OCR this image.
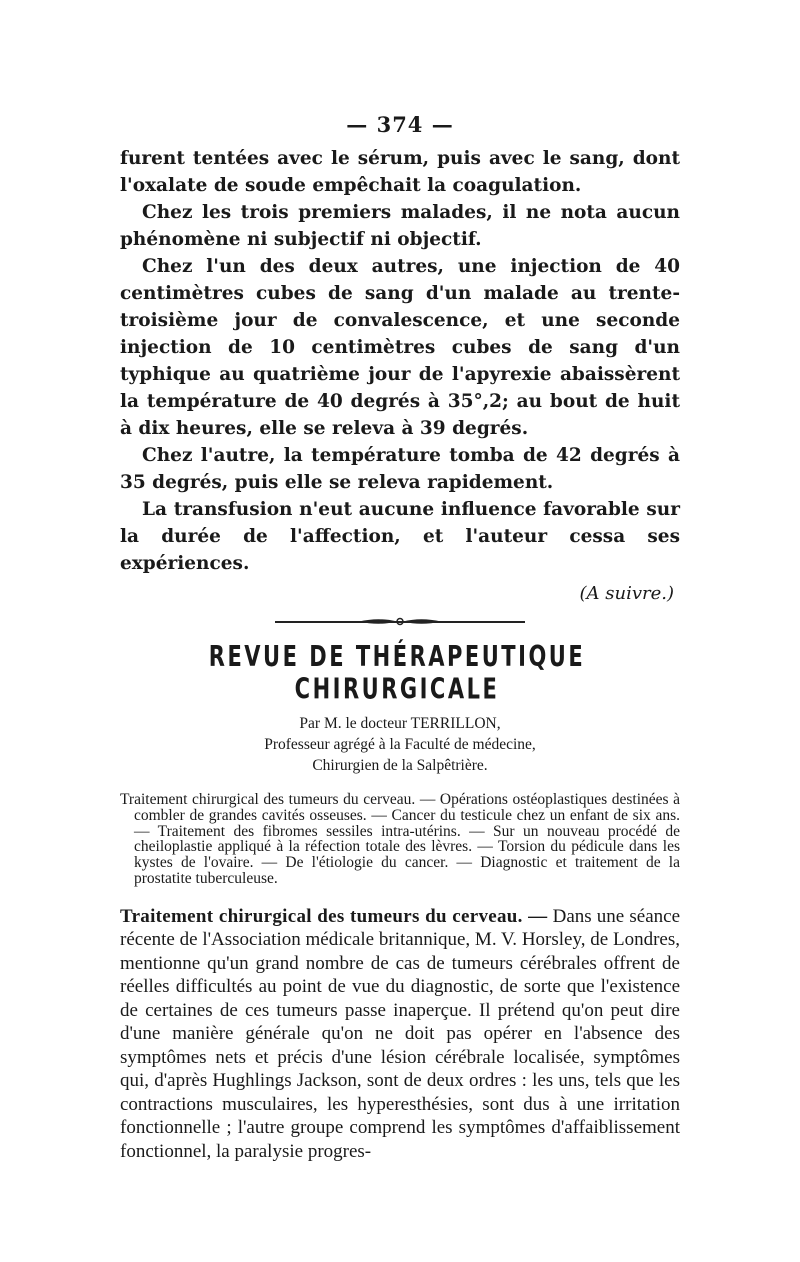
— 374 —

furent tentées avec le sérum, puis avec le sang, dont l'oxalate de soude empêchait la coagulation.

Chez les trois premiers malades, il ne nota aucun phénomène ni subjectif ni objectif.

Chez l'un des deux autres, une injection de 40 centimètres cubes de sang d'un malade au trente-troisième jour de convalescence, et une seconde injection de 10 centimètres cubes de sang d'un typhique au quatrième jour de l'apyrexie abaissèrent la température de 40 degrés à 35°,2; au bout de huit à dix heures, elle se releva à 39 degrés.

Chez l'autre, la température tomba de 42 degrés à 35 degrés, puis elle se releva rapidement.

La transfusion n'eut aucune influence favorable sur la durée de l'affection, et l'auteur cessa ses expériences.

(A suivre.)
REVUE DE THÉRAPEUTIQUE CHIRURGICALE

Par M. le docteur TERRILLON,

Professeur agrégé à la Faculté de médecine,

Chirurgien de la Salpêtrière.

Traitement chirurgical des tumeurs du cerveau. — Opérations ostéoplastiques destinées à combler de grandes cavités osseuses. — Cancer du testicule chez un enfant de six ans. — Traitement des fibromes sessiles intra-utérins. — Sur un nouveau procédé de cheiloplastie appliqué à la réfection totale des lèvres. — Torsion du pédicule dans les kystes de l'ovaire. — De l'étiologie du cancer. — Diagnostic et traitement de la prostatite tuberculeuse.

Traitement chirurgical des tumeurs du cerveau. — Dans une séance récente de l'Association médicale britannique, M. V. Horsley, de Londres, mentionne qu'un grand nombre de cas de tumeurs cérébrales offrent de réelles difficultés au point de vue du diagnostic, de sorte que l'existence de certaines de ces tumeurs passe inaperçue. Il prétend qu'on peut dire d'une manière générale qu'on ne doit pas opérer en l'absence des symptômes nets et précis d'une lésion cérébrale localisée, symptômes qui, d'après Hughlings Jackson, sont de deux ordres : les uns, tels que les contractions musculaires, les hyperesthésies, sont dus à une irritation fonctionnelle ; l'autre groupe comprend les symptômes d'affaiblissement fonctionnel, la paralysie progres-
